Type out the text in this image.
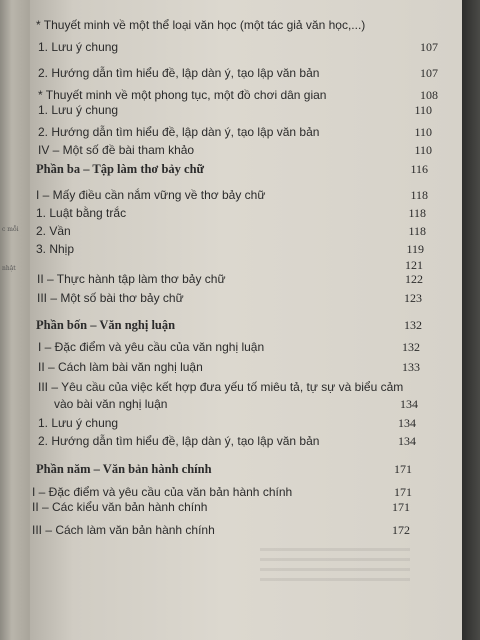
c mỗi
nhật
* Thuyết minh về một thể loại văn học (một tác giả văn học,...)
1. Lưu ý chung	107
2. Hướng dẫn tìm hiểu đề, lập dàn ý, tạo lập văn bản	107
* Thuyết minh về một phong tục, một đồ chơi dân gian	108
1. Lưu ý chung	110
2. Hướng dẫn tìm hiểu đề, lập dàn ý, tạo lập văn bản	110
IV – Một số đề bài tham khảo	110
Phần ba – Tập làm thơ bảy chữ	116
I – Mấy điều cần nắm vững về thơ bảy chữ	118
1. Luật bằng trắc	118
2. Vần	118
3. Nhịp	119
121
II – Thực hành tập làm thơ bảy chữ	122
III – Một số bài thơ bảy chữ	123
Phần bốn – Văn nghị luận	132
I – Đặc điểm và yêu cầu của văn nghị luận	132
II – Cách làm bài văn nghị luận	133
III – Yêu cầu của việc kết hợp đưa yếu tố miêu tả, tự sự và biểu cảm
vào bài văn nghị luận	134
1. Lưu ý chung	134
2. Hướng dẫn tìm hiểu đề, lập dàn ý, tạo lập văn bản	134
Phần năm – Văn bản hành chính	171
I – Đặc điểm và yêu cầu của văn bản hành chính	171
II – Các kiểu văn bản hành chính	171
III – Cách làm văn bản hành chính	172
